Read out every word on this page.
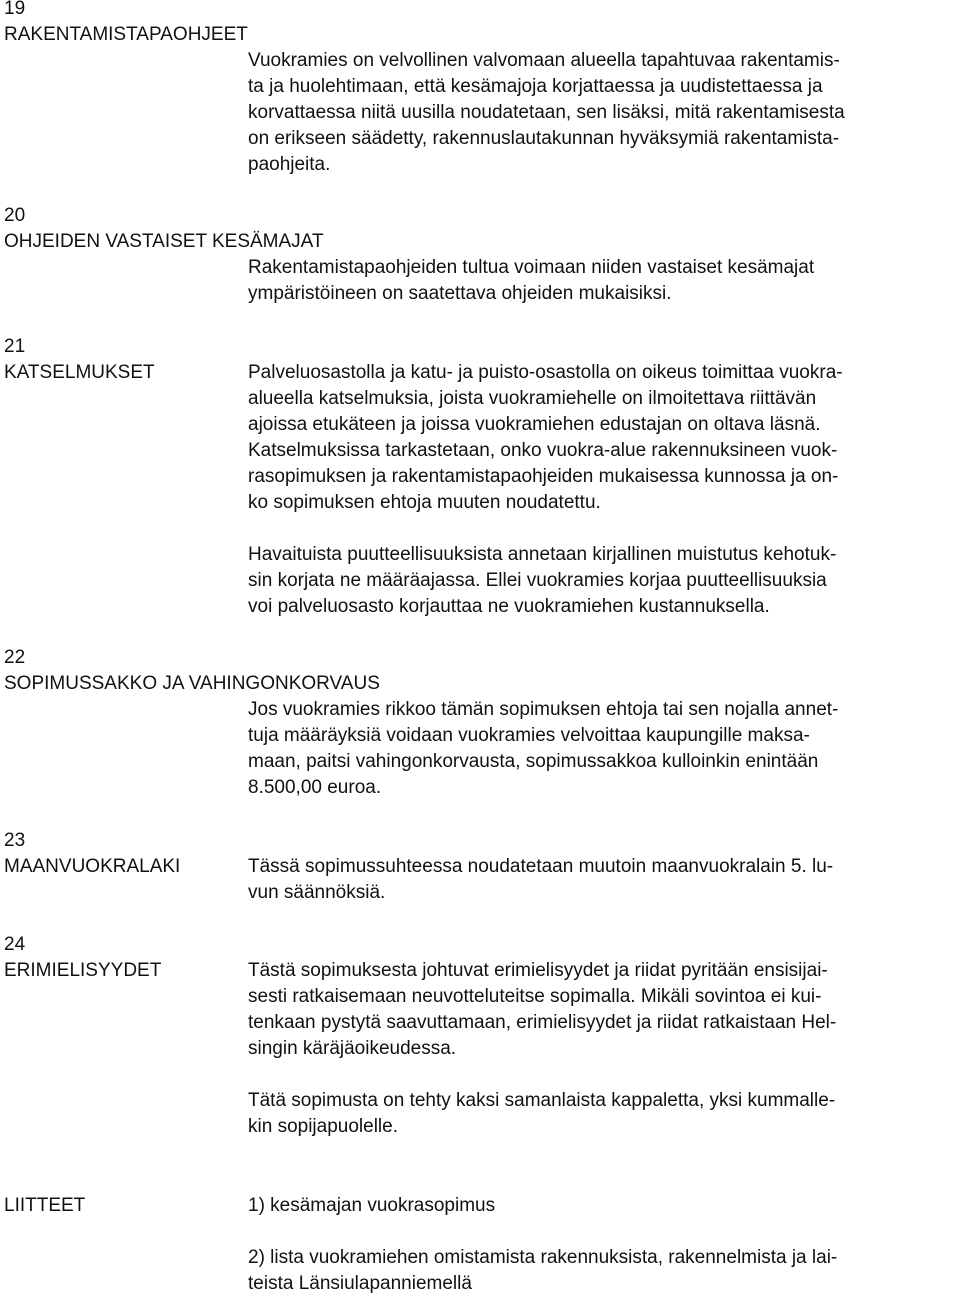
19
RAKENTAMISTAPAOHJEET

Vuokramies on velvollinen valvomaan alueella tapahtuvaa rakentamis-
ta ja huolehtimaan, että kesämajoja korjattaessa ja uudistettaessa ja
korvattaessa niitä uusilla noudatetaan, sen lisäksi, mitä rakentamisesta
on erikseen säädetty, rakennuslautakunnan hyväksymiä rakentamista-
paohjeita.

20
OHJEIDEN VASTAISET KESÄMAJAT

Rakentamistapaohjeiden tultua voimaan niiden vastaiset kesämajat
ympäristöineen on saatettava ohjeiden mukaisiksi.

21
KATSELMUKSET	Palveluosastolla ja katu- ja puisto-osastolla on oikeus toimittaa vuokra-
alueella katselmuksia, joista vuokramiehelle on ilmoitettava riittävän
ajoissa etukäteen ja joissa vuokramiehen edustajan on oltava läsnä.
Katselmuksissa tarkastetaan, onko vuokra-alue rakennuksineen vuok-
rasopimuksen ja rakentamistapaohjeiden mukaisessa kunnossa ja on-
ko sopimuksen ehtoja muuten noudatettu.

Havaituista puutteellisuuksista annetaan kirjallinen muistutus kehotuk-
sin korjata ne määräajassa. Ellei vuokramies korjaa puutteellisuuksia
voi palveluosasto korjauttaa ne vuokramiehen kustannuksella.

22
SOPIMUSSAKKO JA VAHINGONKORVAUS

Jos vuokramies rikkoo tämän sopimuksen ehtoja tai sen nojalla annet-
tuja määräyksiä voidaan vuokramies velvoittaa kaupungille maksa-
maan, paitsi vahingonkorvausta, sopimussakkoa kulloinkin enintään
8.500,00 euroa.

23
MAANVUOKRALAKI	Tässä sopimussuhteessa noudatetaan muutoin maanvuokralain 5. lu-
vun säännöksiä.

24
ERIMIELISYYDET	Tästä sopimuksesta johtuvat erimielisyydet ja riidat pyritään ensisijai-
sesti ratkaisemaan neuvotteluteitse sopimalla. Mikäli sovintoa ei kui-
tenkaan pystytä saavuttamaan, erimielisyydet ja riidat ratkaistaan Hel-
singin käräjäoikeudessa.

Tätä sopimusta on tehty kaksi samanlaista kappaletta, yksi kummalle-
kin sopijapuolelle.

LIITTEET	1) kesämajan vuokrasopimus

2) lista vuokramiehen omistamista rakennuksista, rakennelmista ja lai-
teista Länsiulapanniemellä
